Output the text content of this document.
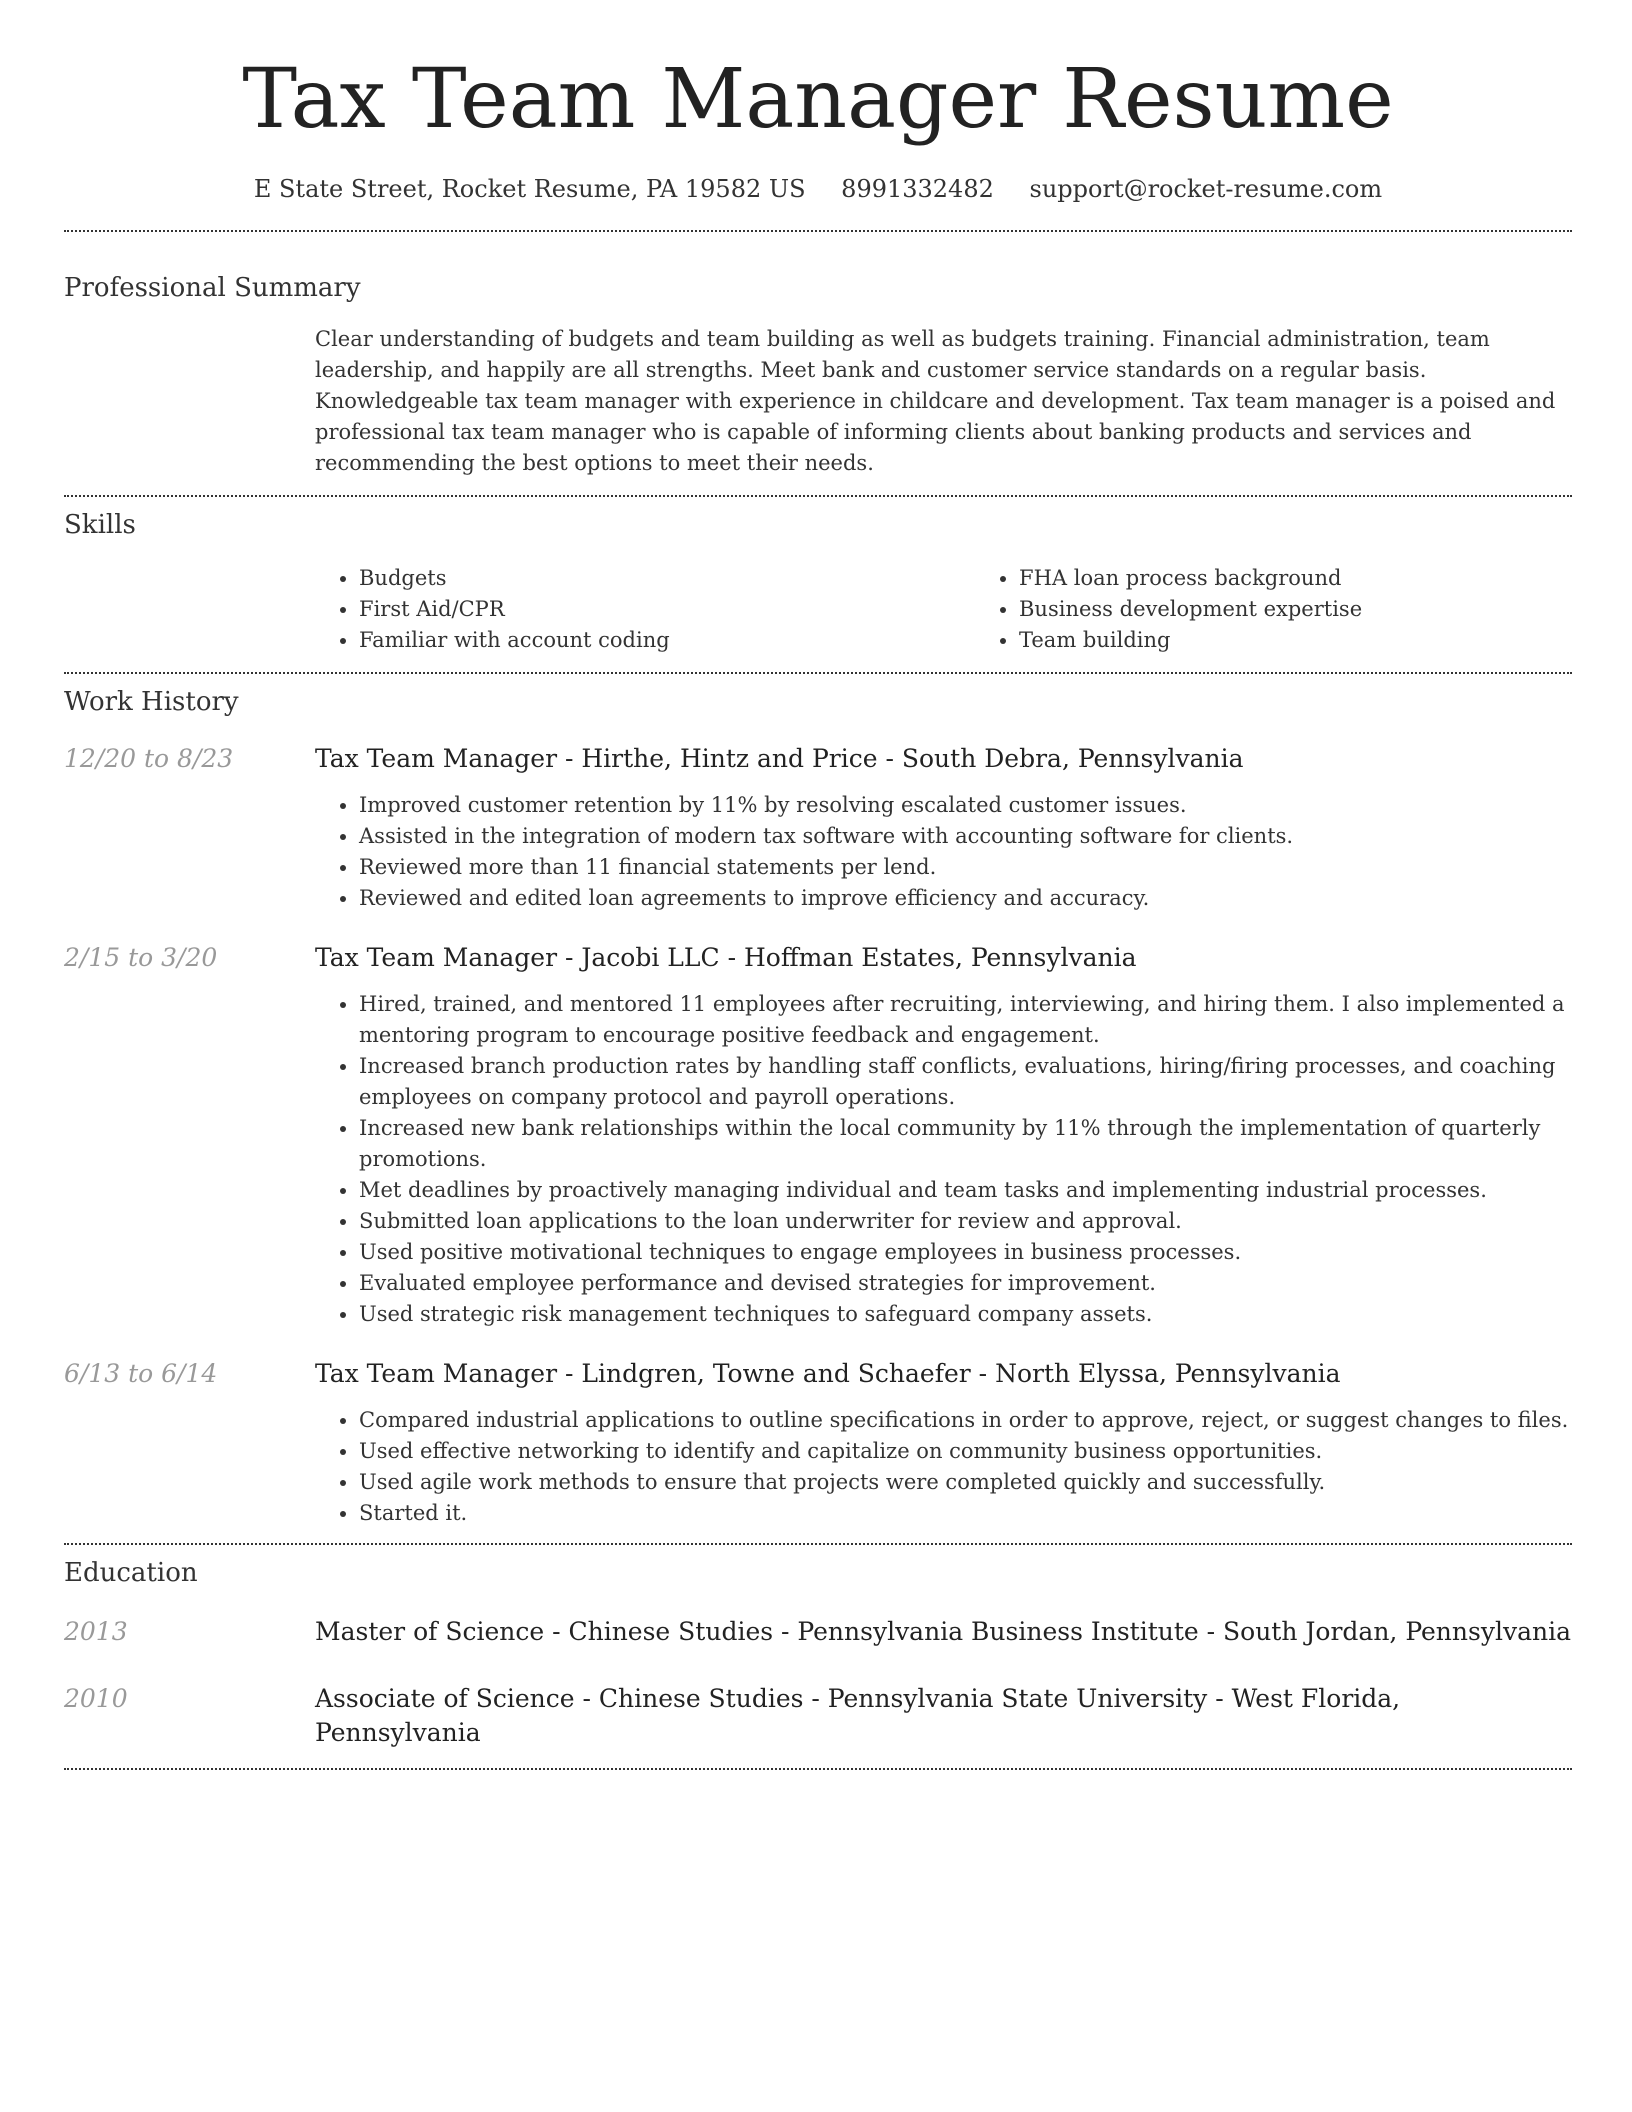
Tax Team Manager Resume
E State Street, Rocket Resume, PA 19582 US 8991332482 support@rocket-resume.com
Professional Summary
Clear understanding of budgets and team building as well as budgets training. Financial administration, team leadership, and happily are all strengths. Meet bank and customer service standards on a regular basis. Knowledgeable tax team manager with experience in childcare and development. Tax team manager is a poised and professional tax team manager who is capable of informing clients about banking products and services and recommending the best options to meet their needs.
Skills
• Budgets
• First Aid/CPR
• Familiar with account coding
• FHA loan process background
• Business development expertise
• Team building
Work History
12/20 to 8/23	Tax Team Manager - Hirthe, Hintz and Price - South Debra, Pennsylvania
• Improved customer retention by 11% by resolving escalated customer issues.
• Assisted in the integration of modern tax software with accounting software for clients.
• Reviewed more than 11 financial statements per lend.
• Reviewed and edited loan agreements to improve efficiency and accuracy.
2/15 to 3/20	Tax Team Manager - Jacobi LLC - Hoffman Estates, Pennsylvania
• Hired, trained, and mentored 11 employees after recruiting, interviewing, and hiring them. I also implemented a mentoring program to encourage positive feedback and engagement.
• Increased branch production rates by handling staff conflicts, evaluations, hiring/firing processes, and coaching employees on company protocol and payroll operations.
• Increased new bank relationships within the local community by 11% through the implementation of quarterly promotions.
• Met deadlines by proactively managing individual and team tasks and implementing industrial processes.
• Submitted loan applications to the loan underwriter for review and approval.
• Used positive motivational techniques to engage employees in business processes.
• Evaluated employee performance and devised strategies for improvement.
• Used strategic risk management techniques to safeguard company assets.
6/13 to 6/14	Tax Team Manager - Lindgren, Towne and Schaefer - North Elyssa, Pennsylvania
• Compared industrial applications to outline specifications in order to approve, reject, or suggest changes to files.
• Used effective networking to identify and capitalize on community business opportunities.
• Used agile work methods to ensure that projects were completed quickly and successfully.
• Started it.
Education
2013	Master of Science - Chinese Studies - Pennsylvania Business Institute - South Jordan, Pennsylvania
2010	Associate of Science - Chinese Studies - Pennsylvania State University - West Florida, Pennsylvania
